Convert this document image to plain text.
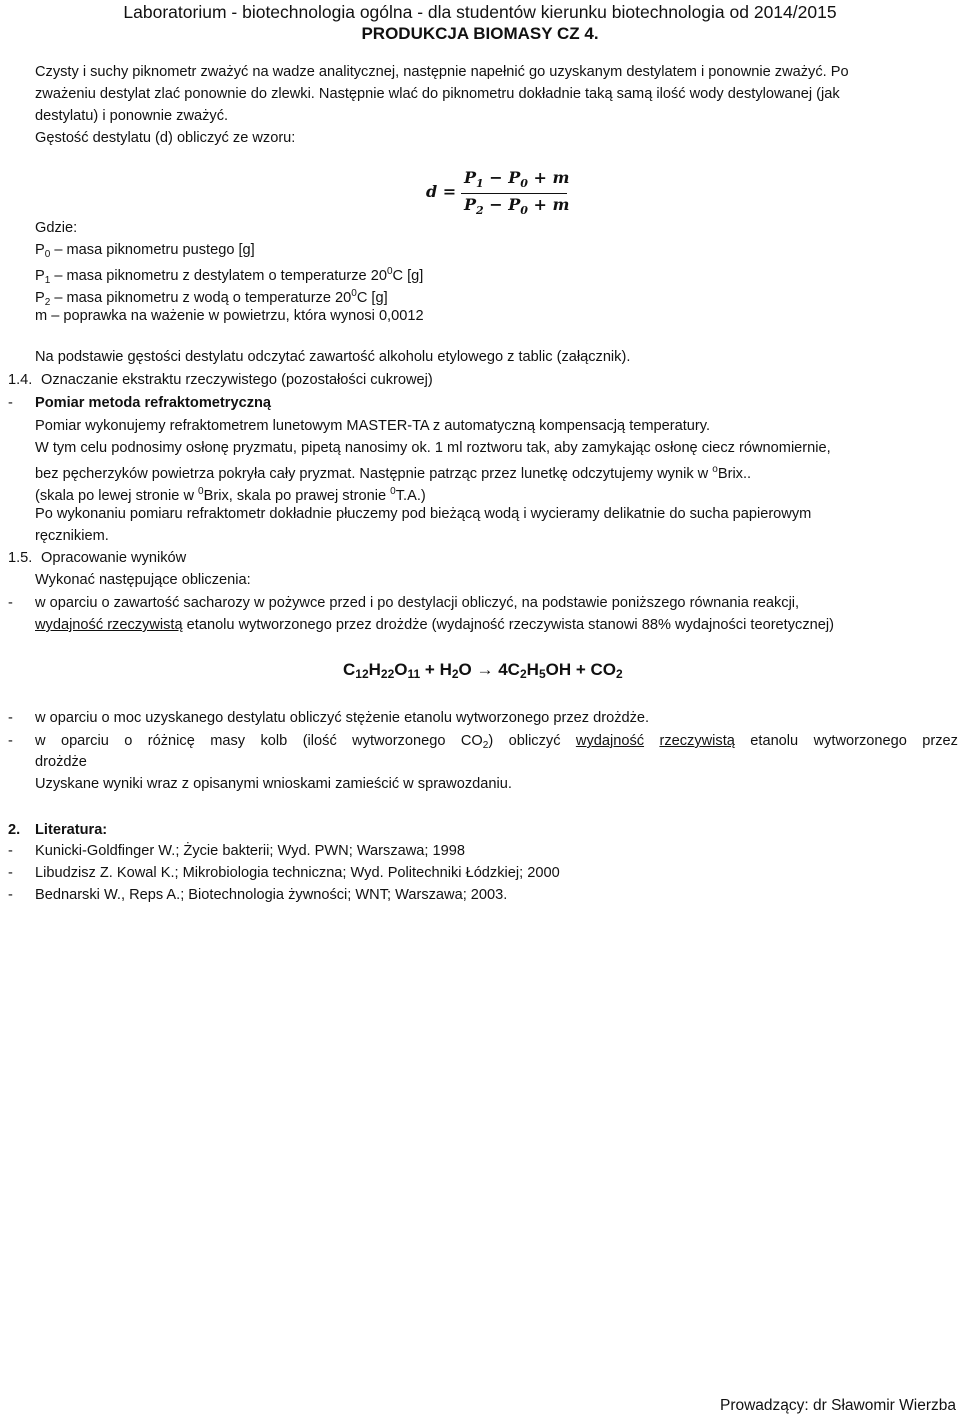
Laboratorium - biotechnologia ogólna - dla studentów kierunku biotechnologia od 2014/2015
PRODUKCJA BIOMASY CZ 4.
Czysty i suchy piknometr zważyć na wadze analitycznej, następnie napełnić go uzyskanym destylatem i ponownie zważyć. Po
zważeniu destylat zlać ponownie do zlewki. Następnie wlać do piknometru dokładnie taką samą ilość wody destylowanej (jak
destylatu) i ponownie zważyć.
Gęstość destylatu (d) obliczyć ze wzoru:
d =
$P_1 - P_0 + m$
$P_2 - P_0 + m$
Gdzie:
$P_0$ – masa piknometru pustego [g]
$P_1$ – masa piknometru z destylatem o temperaturze $20^0C$ [g]
$P_2$ – masa piknometru z wodą o temperaturze $20^0C$ [g]
m – poprawka na ważenie w powietrzu, która wynosi 0,0012
Na podstawie gęstości destylatu odczytać zawartość alkoholu etylowego z tablic (załącznik).
1.4. Oznaczanie ekstraktu rzeczywistego (pozostałości cukrowej)
- Pomiar metoda refraktometryczną
Pomiar wykonujemy refraktometrem lunetowym MASTER-TA z automatyczną kompensacją temperatury.
W tym celu podnosimy osłonę pryzmatu, pipetą nanosimy ok. 1 ml roztworu tak, aby zamykając osłonę ciecz równomiernie,
bez pęcherzyków powietrza pokryła cały pryzmat. Następnie patrząc przez lunetkę odczytujemy wynik w $^o$Brix..
(skala po lewej stronie w $^0$Brix, skala po prawej stronie $^0$T.A.)
Po wykonaniu pomiaru refraktometr dokładnie płuczemy pod bieżącą wodą i wycieramy delikatnie do sucha papierowym
ręcznikiem.
1.5. Opracowanie wyników
Wykonać następujące obliczenia:
- w oparciu o zawartość sacharozy w pożywce przed i po destylacji obliczyć, na podstawie poniższego równania reakcji,
wydajność rzeczywistą etanolu wytworzonego przez drożdże (wydajność rzeczywista stanowi 88% wydajności teoretycznej)
C12H22O11 + H2O → 4C2H5OH + CO2
- w oparciu o moc uzyskanego destylatu obliczyć stężenie etanolu wytworzonego przez drożdże.
- w oparciu o różnicę masy kolb (ilość wytworzonego $CO_2$) obliczyć wydajność rzeczywistą etanolu wytworzonego przez
drożdże
Uzyskane wyniki wraz z opisanymi wnioskami zamieścić w sprawozdaniu.
2. Literatura:
- Kunicki-Goldfinger W.; Życie bakterii; Wyd. PWN; Warszawa; 1998
- Libudzisz Z. Kowal K.; Mikrobiologia techniczna; Wyd. Politechniki Łódzkiej; 2000
- Bednarski W., Reps A.; Biotechnologia żywności; WNT; Warszawa; 2003.
Prowadzący: dr Sławomir Wierzba
